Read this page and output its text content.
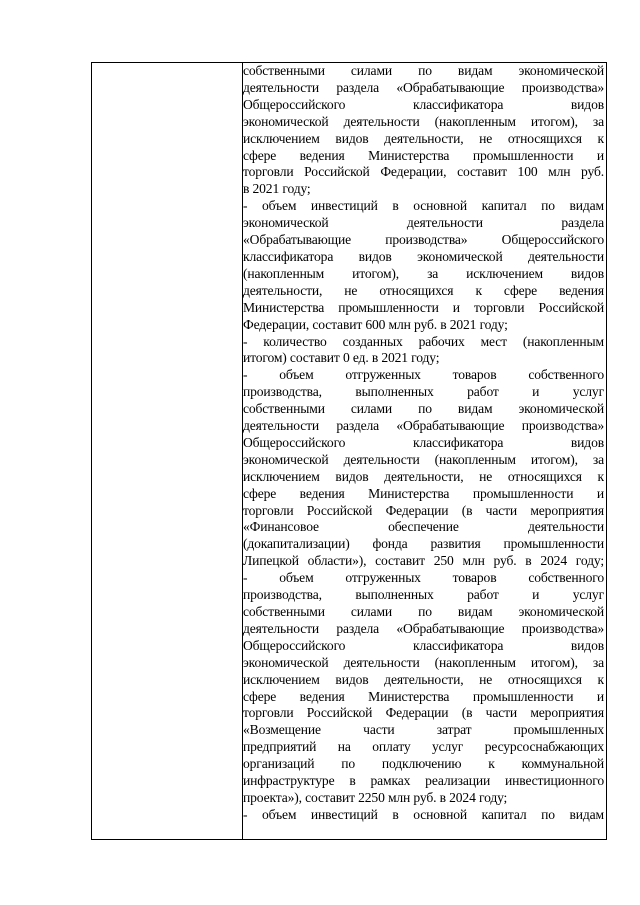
собственными силами по видам экономической
деятельности раздела «Обрабатывающие производства»
Общероссийского классификатора видов
экономической деятельности (накопленным итогом), за
исключением видов деятельности, не относящихся к
сфере ведения Министерства промышленности и
торговли Российской Федерации, составит 100 млн руб.
в 2021 году;
- объем инвестиций в основной капитал по видам
экономической деятельности раздела
«Обрабатывающие производства» Общероссийского
классификатора видов экономической деятельности
(накопленным итогом), за исключением видов
деятельности, не относящихся к сфере ведения
Министерства промышленности и торговли Российской
Федерации, составит 600 млн руб. в 2021 году;
- количество созданных рабочих мест (накопленным
итогом) составит 0 ед. в 2021 году;
- объем отгруженных товаров собственного
производства, выполненных работ и услуг
собственными силами по видам экономической
деятельности раздела «Обрабатывающие производства»
Общероссийского классификатора видов
экономической деятельности (накопленным итогом), за
исключением видов деятельности, не относящихся к
сфере ведения Министерства промышленности и
торговли Российской Федерации (в части мероприятия
«Финансовое обеспечение деятельности
(докапитализации) фонда развития промышленности
Липецкой области»), составит 250 млн руб. в 2024 году;
- объем отгруженных товаров собственного
производства, выполненных работ и услуг
собственными силами по видам экономической
деятельности раздела «Обрабатывающие производства»
Общероссийского классификатора видов
экономической деятельности (накопленным итогом), за
исключением видов деятельности, не относящихся к
сфере ведения Министерства промышленности и
торговли Российской Федерации (в части мероприятия
«Возмещение части затрат промышленных
предприятий на оплату услуг ресурсоснабжающих
организаций по подключению к коммунальной
инфраструктуре в рамках реализации инвестиционного
проекта»), составит 2250 млн руб. в 2024 году;
- объем инвестиций в основной капитал по видам
